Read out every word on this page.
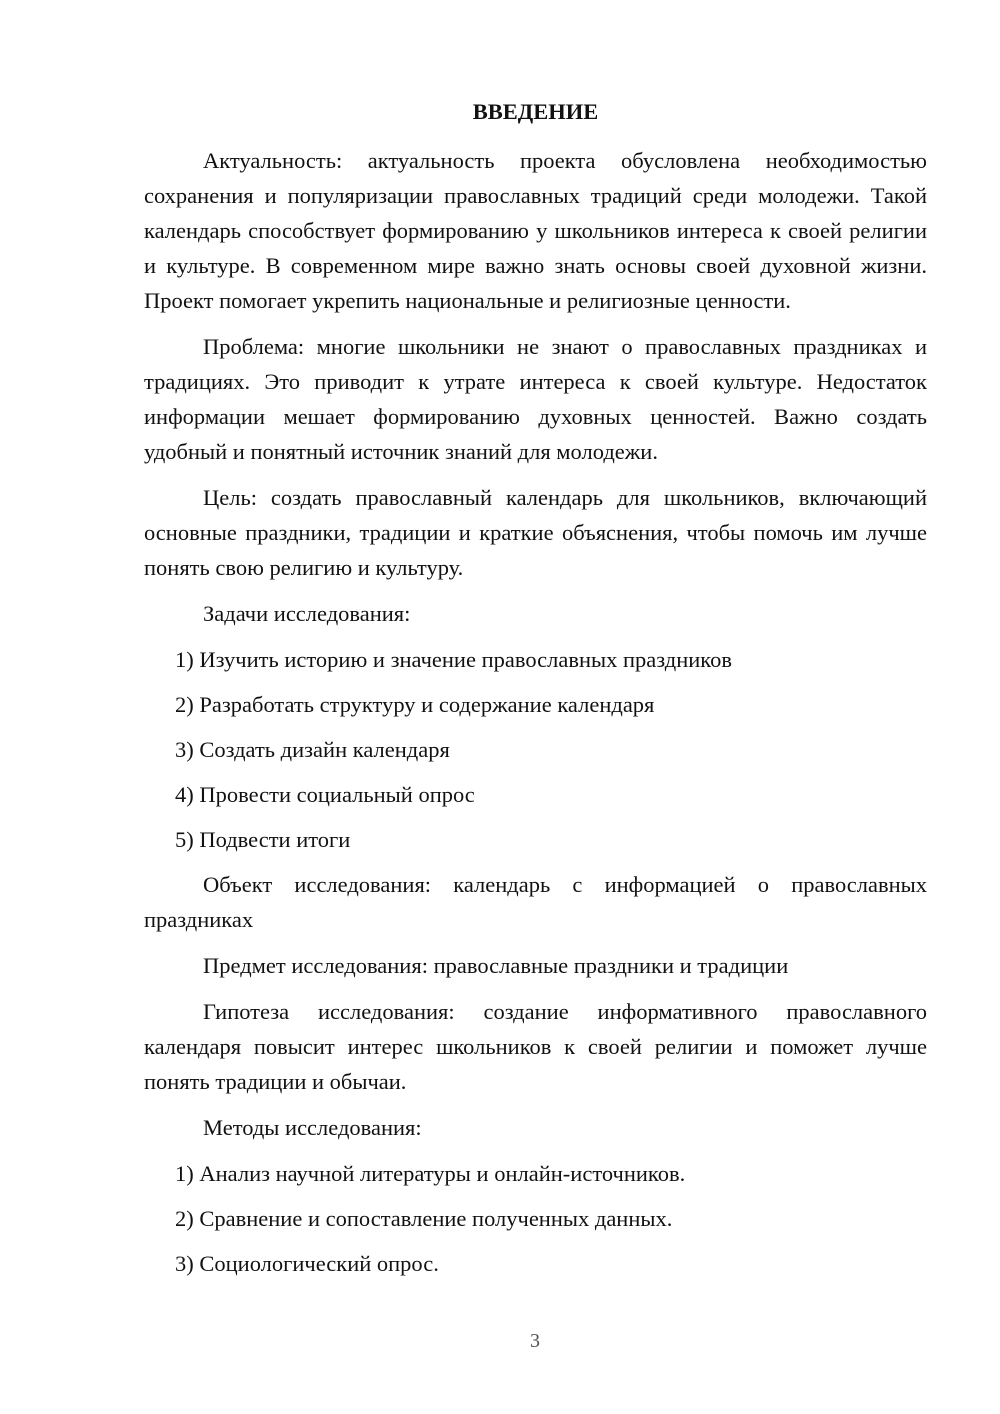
ВВЕДЕНИЕ

Актуальность: актуальность проекта обусловлена необходимостью сохранения и популяризации православных традиций среди молодежи. Такой календарь способствует формированию у школьников интереса к своей религии и культуре. В современном мире важно знать основы своей духовной жизни. Проект помогает укрепить национальные и религиозные ценности.

Проблема: многие школьники не знают о православных праздниках и традициях. Это приводит к утрате интереса к своей культуре. Недостаток информации мешает формированию духовных ценностей. Важно создать удобный и понятный источник знаний для молодежи.

Цель: создать православный календарь для школьников, включающий основные праздники, традиции и краткие объяснения, чтобы помочь им лучше понять свою религию и культуру.

Задачи исследования:

1) Изучить историю и значение православных праздников
2) Разработать структуру и содержание календаря
3) Создать дизайн календаря
4) Провести социальный опрос
5) Подвести итоги

Объект исследования: календарь с информацией о православных праздниках

Предмет исследования: православные праздники и традиции

Гипотеза исследования: создание информативного православного календаря повысит интерес школьников к своей религии и поможет лучше понять традиции и обычаи.

Методы исследования:

1) Анализ научной литературы и онлайн-источников.
2) Сравнение и сопоставление полученных данных.
3) Социологический опрос.
3
